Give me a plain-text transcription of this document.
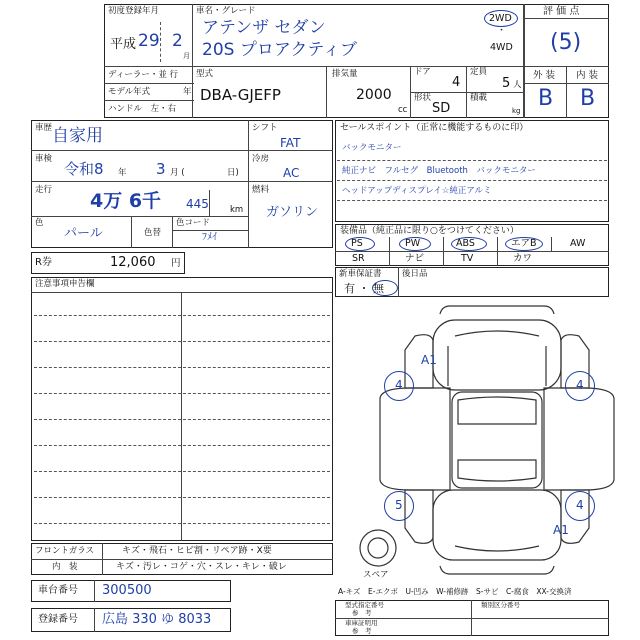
初度登録年月
平成 29 2
月
車名・グレード
アテンザ セダン
20S プロアクティブ
2WD
・
4WD
評 価 点
(5)
ディーラー・並 行
モデル年式	年
ハンドル　左・右
型式
DBA-GJEFP
排気量
2000
cc
ドア
4
定員
5 人
形状
SD
積載
kg
外 装 内 装
B B
車歴 自家用
車検
令和8 年 3 月 (	日)
走行 4万 6千 445 km
色
パール	色替
色コード
ﾌﾒｲ
シフト
FAT
冷房
AC
燃料
ガソリン
セールスポイント（正常に機能するものに印）
バックモニター
純正ナビ　フルセグ　Bluetooth　バックモニター
ヘッドアップディスプレイ☆純正アルミ
装備品（純正品に限り○をつけてください）
PS	PW	ABS	エアB	AW
SR	ナビ	TV	カワ
R券	12,060 円
新車保証書
有 ・ 無
後日品
注意事項申告欄
A1
4	4
5	4
A1
スペア
フロントガラス	キズ・飛石・ヒビ割・リペア跡・X要
内　装	キズ・汚レ・コゲ・穴・スレ・キレ・破レ
車台番号 300500
登録番号 広島 330 ゆ 8033
A-キズ　E-エクボ　U-凹み　W-補修跡　S-サビ　C-腐食　XX-交換済
型式指定番号
参　考
類別区分番号
車庫証明用
参　考
